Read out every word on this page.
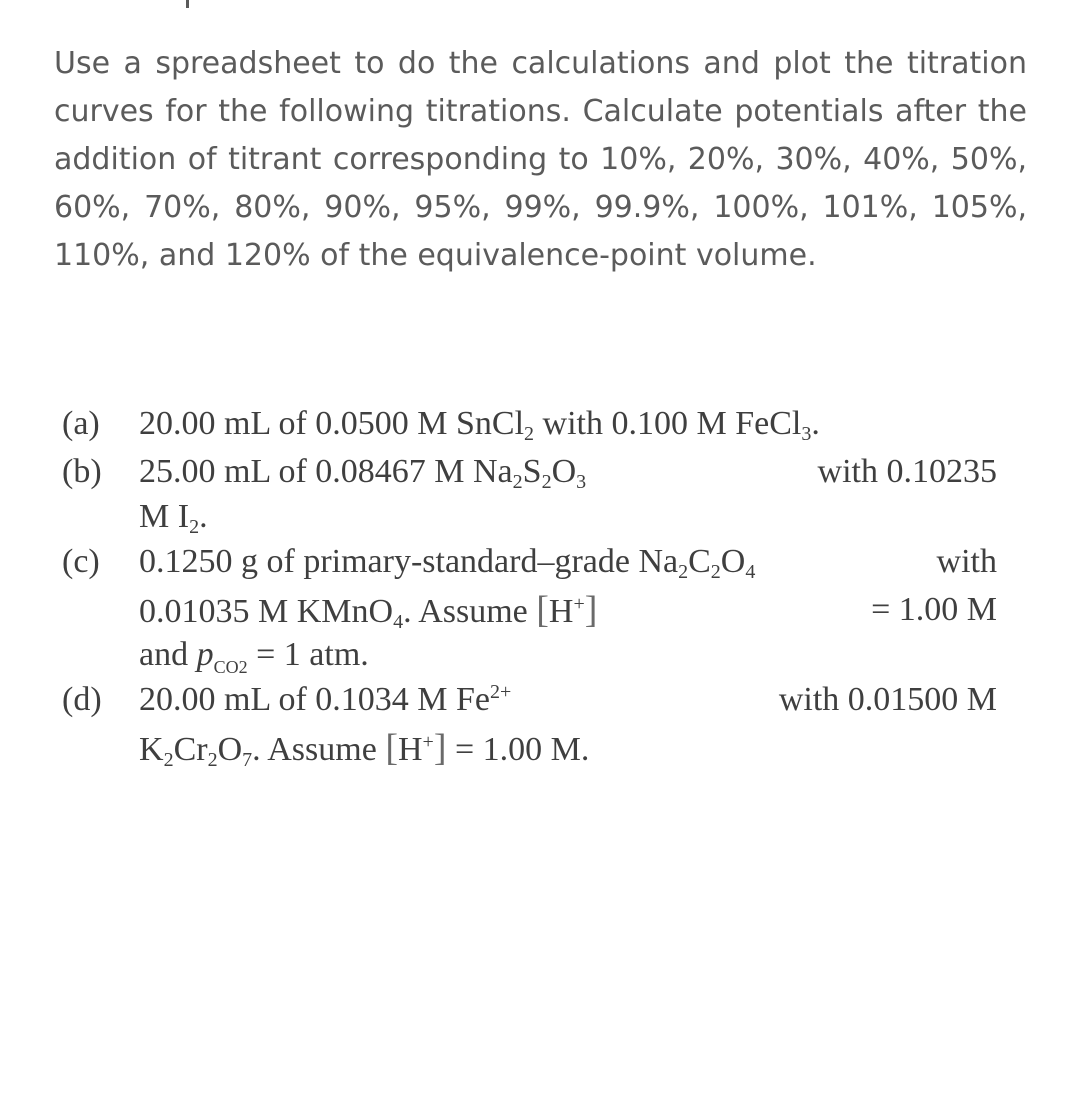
Use a spreadsheet to do the calculations and plot the titration curves for the following titrations. Calculate potentials after the addition of titrant corresponding to 10%, 20%, 30%, 40%, 50%, 60%, 70%, 80%, 90%, 95%, 99%, 99.9%, 100%, 101%, 105%, 110%, and 120% of the equivalence-point volume.

(a)	20.00 mL of 0.0500 M SnCl$_2$ with 0.100 M FeCl$_3$.
(b)	25.00 mL of 0.08467 M $Na_2S_2O_3$	with 0.10235
M $I_2$.
(c)	0.1250 g of primary-standard–grade $Na_2C_2O_4$	with
0.01035 M KMnO$_4$. Assume [H+]	= 1.00 M
and $p_{CO2} = 1$ atm.
(d)	20.00 mL of 0.1034 M $Fe^{2+}$	with 0.01500 M
$K_2Cr_2O_7$. Assume [H+] = 1.00 M.
